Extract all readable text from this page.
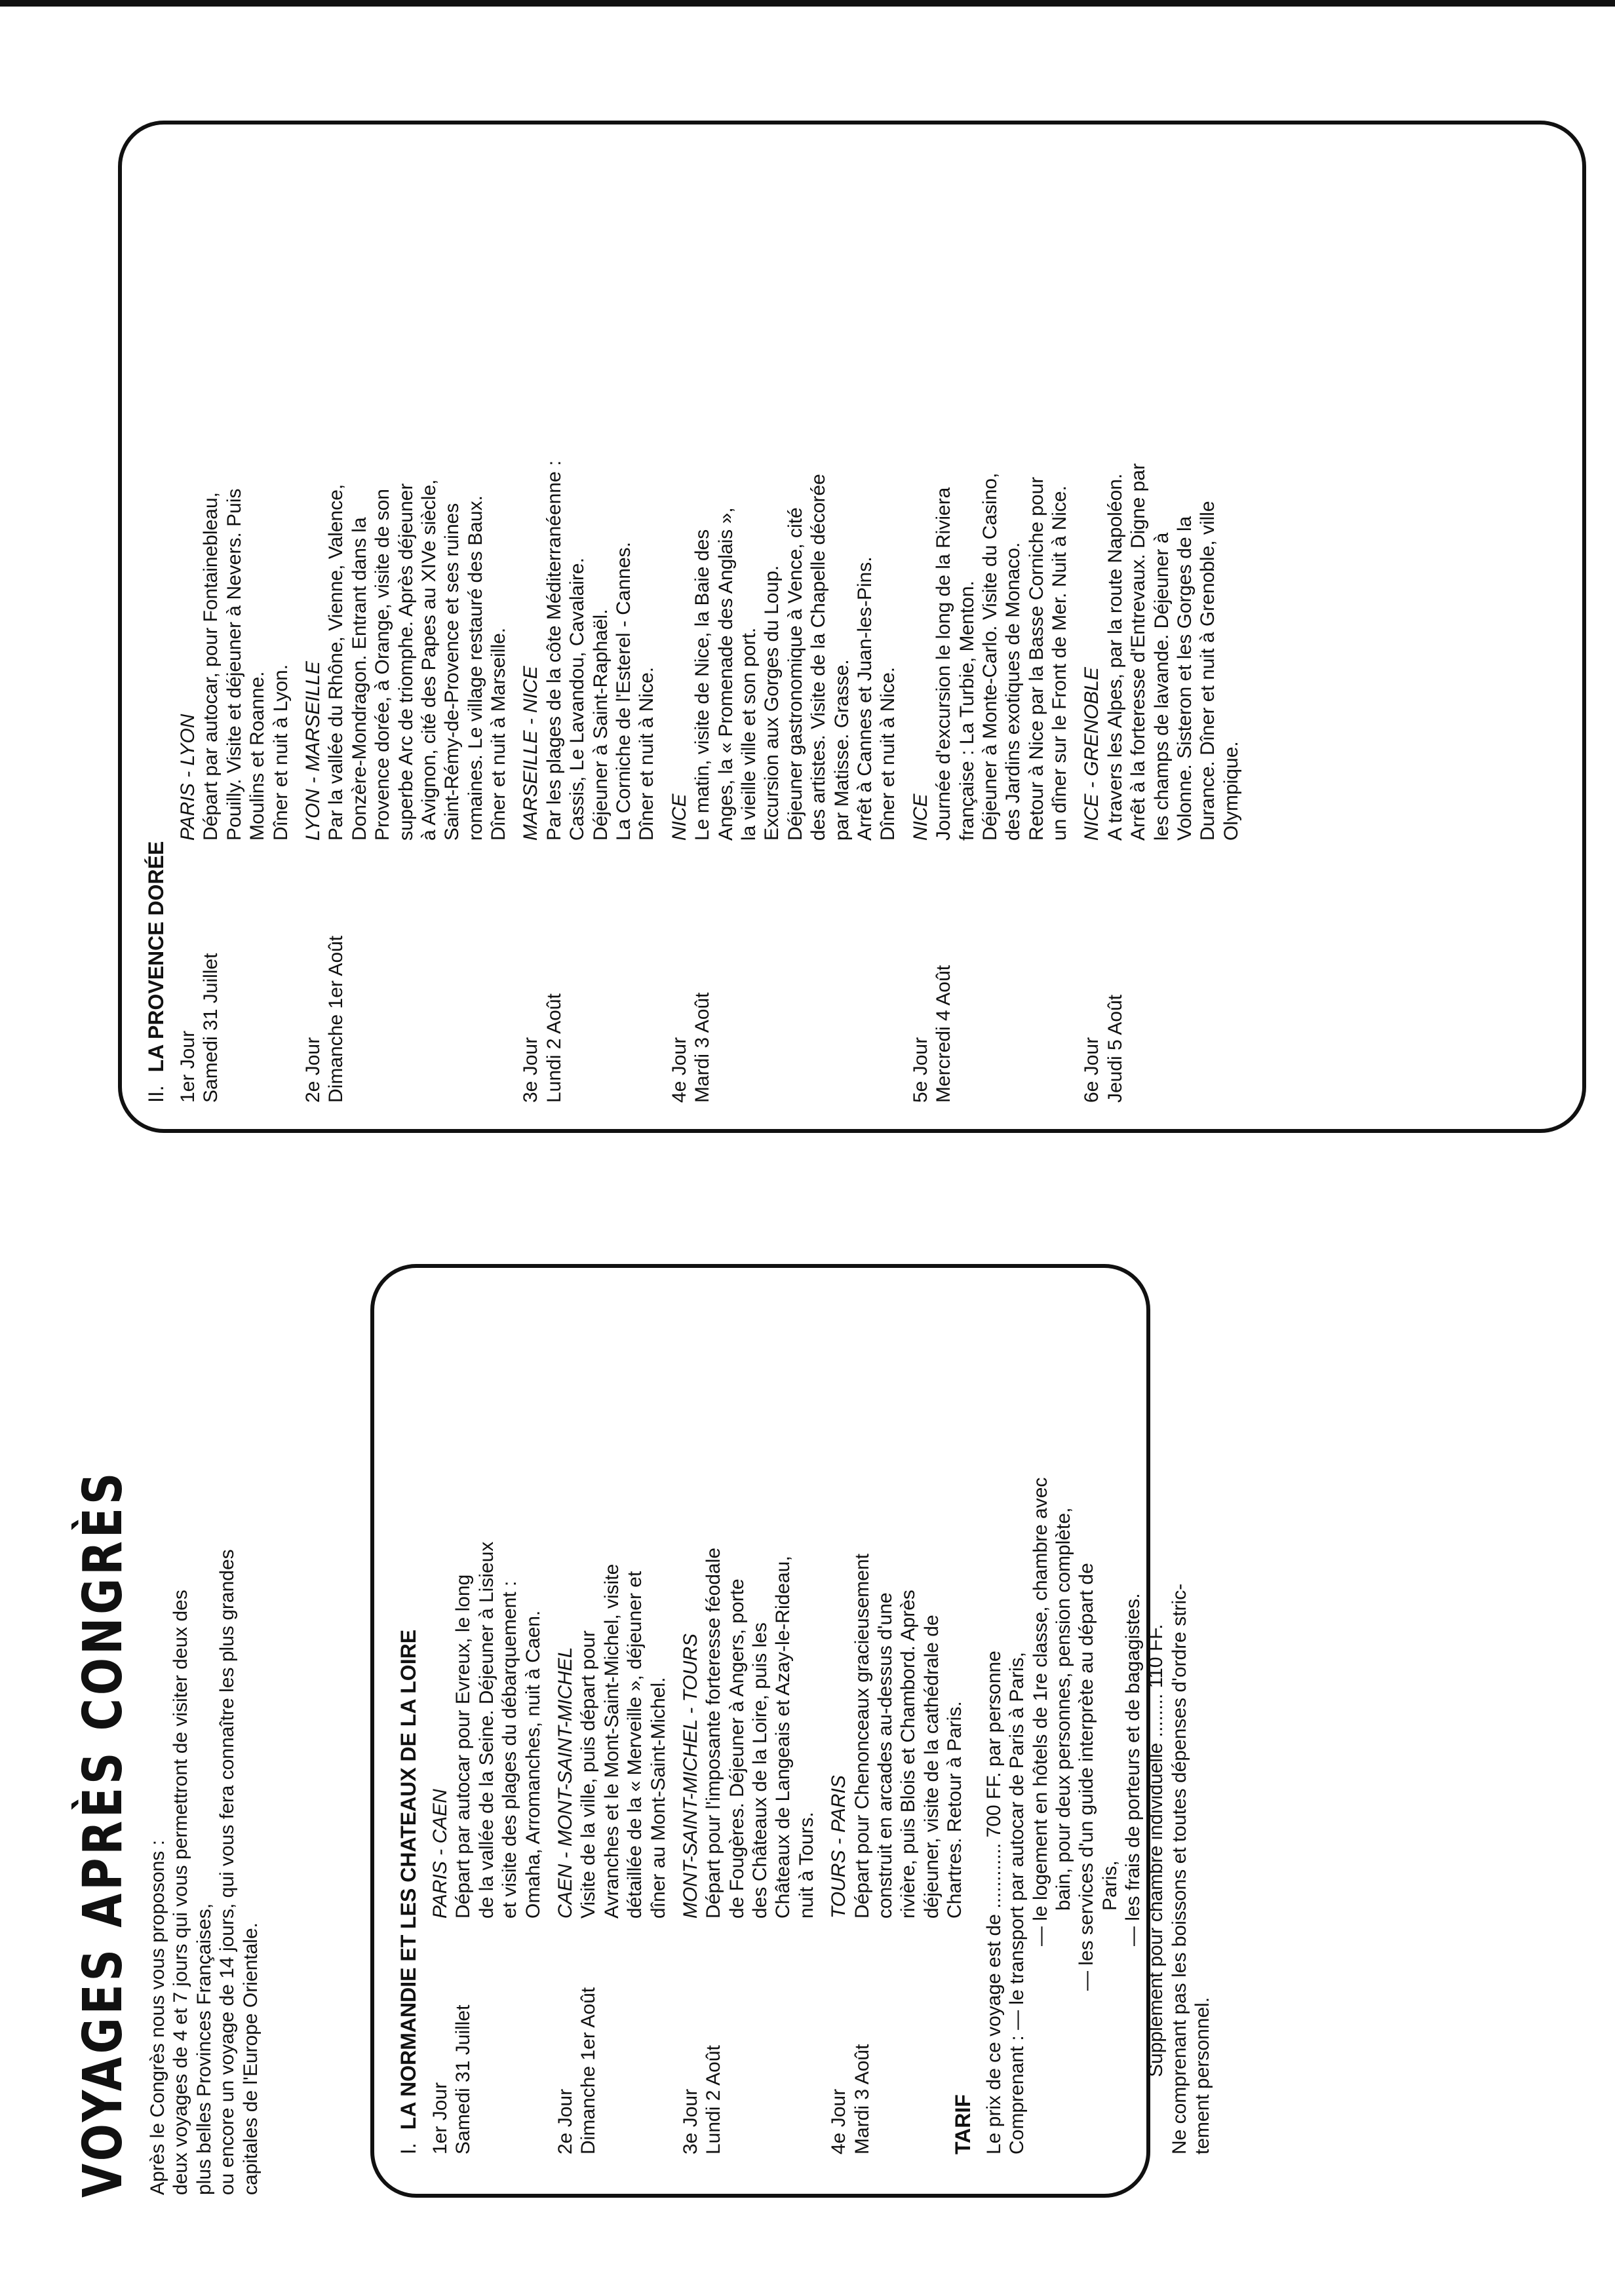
VOYAGES APRÈS CONGRÈS Après le Congrès nous vous proposons : deux voyages de 4 et 7 jours qui vous permettront de visiter deux des plus belles Provinces Françaises, ou encore un voyage de 14 jours, qui vous fera connaître les plus grandes capitales de l'Europe Orientale.	I.LA NORMANDIE ET LES CHATEAUX DE LA LOIRE 1er Jour Samedi 31 Juillet
PARIS - CAEN Départ par autocar pour Evreux, le long de la vallée de la Seine. Déjeuner à Lisieux et visite des plages du débarquement : Omaha, Arromanches, nuit à Caen.
2e Jour Dimanche 1er Août
CAEN - MONT-SAINT-MICHEL Visite de la ville, puis départ pour Avranches et le Mont-Saint-Michel, visite détaillée de la « Merveille », déjeuner et dîner au Mont-Saint-Michel.
3e Jour Lundi 2 Août
MONT-SAINT-MICHEL - TOURS Départ pour l'imposante forteresse féodale de Fougères. Déjeuner à Angers, porte des Châteaux de la Loire, puis les Châteaux de Langeais et Azay-le-Rideau, nuit à Tours.
4e Jour Mardi 3 Août
TOURS - PARIS Départ pour Chenonceaux gracieusement construit en arcades au-dessus d'une rivière, puis Blois et Chambord. Après déjeuner, visite de la cathédrale de Chartres. Retour à Paris.
TARIF Le prix de ce voyage est de ............ 700 FF. par personne Comprenant : — le transport par autocar de Paris à Paris, — le logement en hôtels de 1re classe, chambre avec bain, pour deux personnes, pension complète, — les services d'un guide interprète au départ de Paris, — les frais de porteurs et de bagagistes. Supplément pour chambre individuelle ........ 110 FF. Ne comprenant pas les boissons et toutes dépenses d'ordre stric- tement personnel.
II.LA PROVENCE DORÉE 1er Jour Samedi 31 Juillet
PARIS - LYON Départ par autocar, pour Fontainebleau, Pouilly. Visite et déjeuner à Nevers. Puis Moulins et Roanne. Dîner et nuit à Lyon.
2e Jour Dimanche 1er Août
LYON - MARSEILLE Par la vallée du Rhône, Vienne, Valence, Donzère-Mondragon. Entrant dans la Provence dorée, à Orange, visite de son superbe Arc de triomphe. Après déjeuner à Avignon, cité des Papes au XIVe siècle, Saint-Rémy-de-Provence et ses ruines romaines. Le village restauré des Baux. Dîner et nuit à Marseille.
3e Jour Lundi 2 Août
MARSEILLE - NICE Par les plages de la côte Méditerranéenne : Cassis, Le Lavandou, Cavalaire. Déjeuner à Saint-Raphaël. La Corniche de l'Esterel - Cannes. Dîner et nuit à Nice.
4e Jour Mardi 3 Août
NICE Le matin, visite de Nice, la Baie des Anges, la « Promenade des Anglais », la vieille ville et son port. Excursion aux Gorges du Loup. Déjeuner gastronomique à Vence, cité des artistes. Visite de la Chapelle décorée par Matisse. Grasse. Arrêt à Cannes et Juan-les-Pins. Dîner et nuit à Nice.
5e Jour Mercredi 4 Août
NICE Journée d'excursion le long de la Riviera française : La Turbie, Menton. Déjeuner à Monte-Carlo. Visite du Casino, des Jardins exotiques de Monaco. Retour à Nice par la Basse Corniche pour un dîner sur le Front de Mer. Nuit à Nice.
6e Jour Jeudi 5 Août
NICE - GRENOBLE A travers les Alpes, par la route Napoléon. Arrêt à la forteresse d'Entrevaux. Digne par les champs de lavande. Déjeuner à Volonne. Sisteron et les Gorges de la Durance. Dîner et nuit à Grenoble, ville Olympique.
